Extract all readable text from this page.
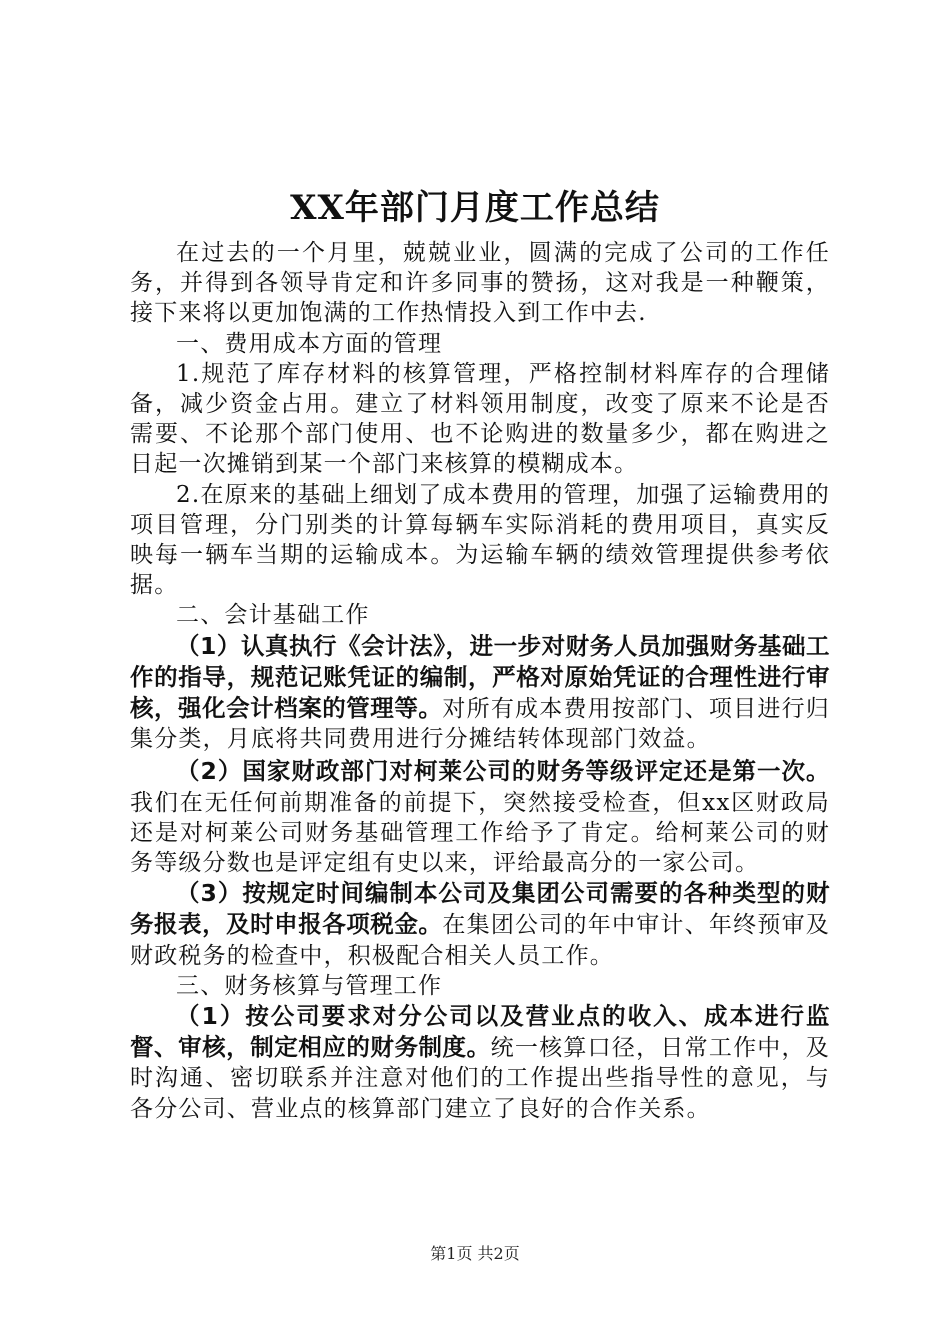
XX年部门月度工作总结

在过去的一个月里，兢兢业业，圆满的完成了公司的工作任务，并得到各领导肯定和许多同事的赞扬，这对我是一种鞭策，接下来将以更加饱满的工作热情投入到工作中去.

一、费用成本方面的管理

1.规范了库存材料的核算管理，严格控制材料库存的合理储备，减少资金占用。建立了材料领用制度，改变了原来不论是否需要、不论那个部门使用、也不论购进的数量多少，都在购进之日起一次摊销到某一个部门来核算的模糊成本。

2.在原来的基础上细划了成本费用的管理，加强了运输费用的项目管理，分门别类的计算每辆车实际消耗的费用项目，真实反映每一辆车当期的运输成本。为运输车辆的绩效管理提供参考依据。

二、会计基础工作

（1）认真执行《会计法》，进一步对财务人员加强财务基础工作的指导，规范记账凭证的编制，严格对原始凭证的合理性进行审核，强化会计档案的管理等。对所有成本费用按部门、项目进行归集分类，月底将共同费用进行分摊结转体现部门效益。

（2）国家财政部门对柯莱公司的财务等级评定还是第一次。我们在无任何前期准备的前提下，突然接受检查，但xx区财政局还是对柯莱公司财务基础管理工作给予了肯定。给柯莱公司的财务等级分数也是评定组有史以来，评给最高分的一家公司。

（3）按规定时间编制本公司及集团公司需要的各种类型的财务报表，及时申报各项税金。在集团公司的年中审计、年终预审及财政税务的检查中，积极配合相关人员工作。

三、财务核算与管理工作

（1）按公司要求对分公司以及营业点的收入、成本进行监督、审核，制定相应的财务制度。统一核算口径，日常工作中，及时沟通、密切联系并注意对他们的工作提出些指导性的意见，与各分公司、营业点的核算部门建立了良好的合作关系。

第1页 共2页
